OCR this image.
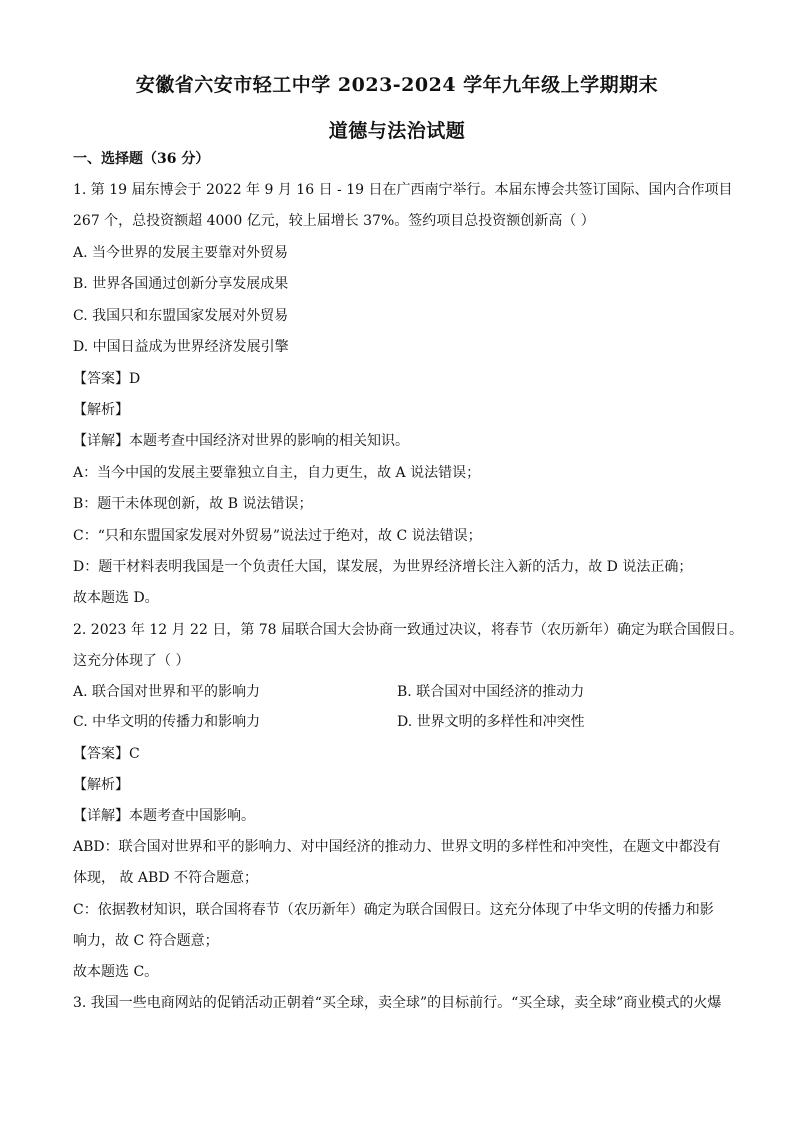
安徽省六安市轻工中学 2023-2024 学年九年级上学期期末
道德与法治试题
一、选择题（36 分）
1. 第 19 届东博会于 2022 年 9 月 16 日 - 19 日在广西南宁举行。本届东博会共签订国际、国内合作项目
267 个，总投资额超 4000 亿元，较上届增长 37%。签约项目总投资额创新高（ ）
A. 当今世界的发展主要靠对外贸易
B. 世界各国通过创新分享发展成果
C. 我国只和东盟国家发展对外贸易
D. 中国日益成为世界经济发展引擎
【答案】D
【解析】
【详解】本题考查中国经济对世界的影响的相关知识。
A：当今中国的发展主要靠独立自主，自力更生，故 A 说法错误；
B：题干未体现创新，故 B 说法错误；
C：“只和东盟国家发展对外贸易”说法过于绝对，故 C 说法错误；
D：题干材料表明我国是一个负责任大国，谋发展，为世界经济增长注入新的活力，故 D 说法正确；
故本题选 D。
2. 2023 年 12 月 22 日，第 78 届联合国大会协商一致通过决议，将春节（农历新年）确定为联合国假日。
这充分体现了（ ）
A. 联合国对世界和平的影响力	B. 联合国对中国经济的推动力
C. 中华文明的传播力和影响力	D. 世界文明的多样性和冲突性
【答案】C
【解析】
【详解】本题考查中国影响。
ABD：联合国对世界和平的影响力、对中国经济的推动力、世界文明的多样性和冲突性，在题文中都没有
体现， 故 ABD 不符合题意；
C：依据教材知识，联合国将春节（农历新年）确定为联合国假日。这充分体现了中华文明的传播力和影
响力，故 C 符合题意；
故本题选 C。
3. 我国一些电商网站的促销活动正朝着“买全球，卖全球”的目标前行。“买全球，卖全球”商业模式的火爆
